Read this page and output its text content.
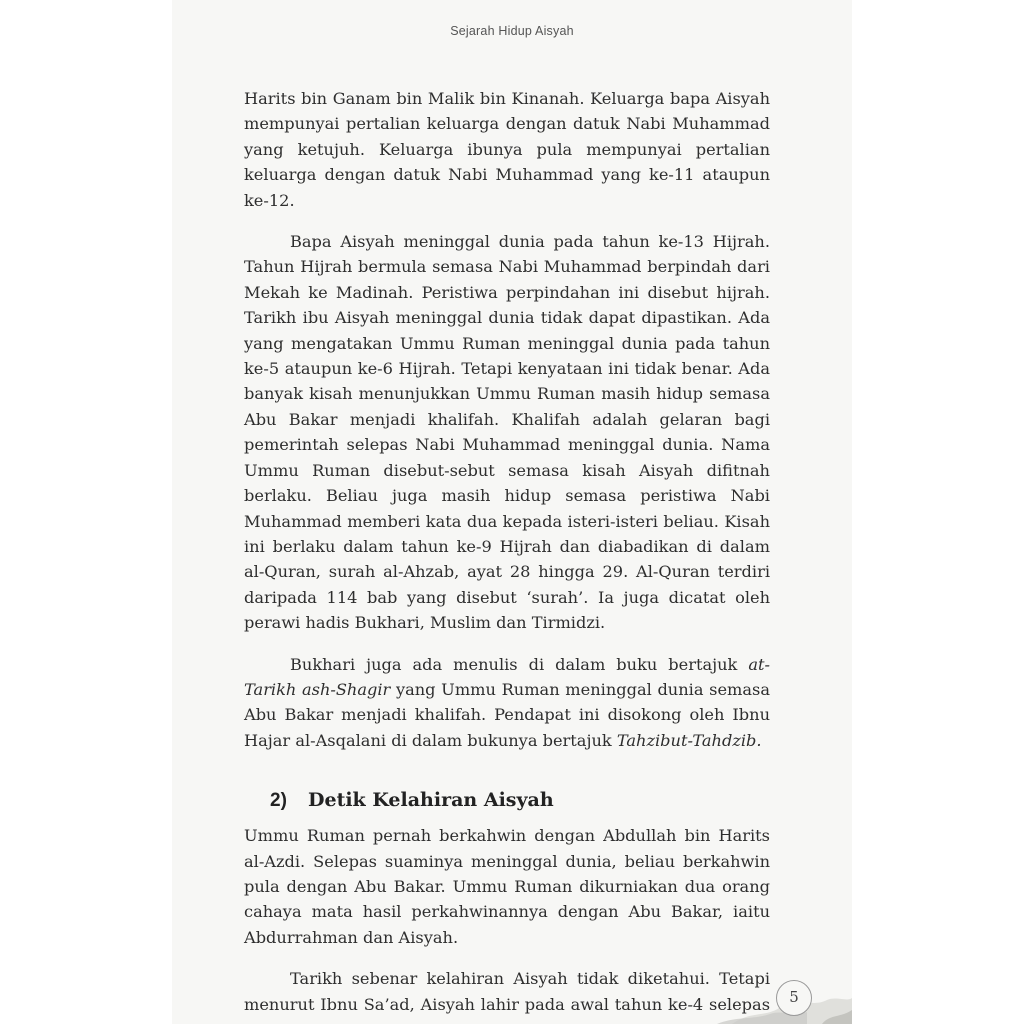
Sejarah Hidup Aisyah

Harits bin Ganam bin Malik bin Kinanah. Keluarga bapa Aisyah mempunyai pertalian keluarga dengan datuk Nabi Muhammad yang ketujuh. Keluarga ibunya pula mempunyai pertalian keluarga dengan datuk Nabi Muhammad yang ke-11 ataupun ke-12.

Bapa Aisyah meninggal dunia pada tahun ke-13 Hijrah. Tahun Hijrah bermula semasa Nabi Muhammad berpindah dari Mekah ke Madinah. Peristiwa perpindahan ini disebut hijrah. Tarikh ibu Aisyah meninggal dunia tidak dapat dipastikan. Ada yang mengatakan Ummu Ruman meninggal dunia pada tahun ke-5 ataupun ke-6 Hijrah. Tetapi kenyataan ini tidak benar. Ada banyak kisah menunjukkan Ummu Ruman masih hidup semasa Abu Bakar menjadi khalifah. Khalifah adalah gelaran bagi pemerintah selepas Nabi Muhammad meninggal dunia. Nama Ummu Ruman disebut-sebut semasa kisah Aisyah difitnah berlaku. Beliau juga masih hidup semasa peristiwa Nabi Muhammad memberi kata dua kepada isteri-isteri beliau. Kisah ini berlaku dalam tahun ke-9 Hijrah dan diabadikan di dalam al-Quran, surah al-Ahzab, ayat 28 hingga 29. Al-Quran terdiri daripada 114 bab yang disebut ‘surah’. Ia juga dicatat oleh perawi hadis Bukhari, Muslim dan Tirmidzi.

Bukhari juga ada menulis di dalam buku bertajuk at-Tarikh ash-Shagir yang Ummu Ruman meninggal dunia semasa Abu Bakar menjadi khalifah. Pendapat ini disokong oleh Ibnu Hajar al-Asqalani di dalam bukunya bertajuk Tahzibut-Tahdzib.

2) Detik Kelahiran Aisyah

Ummu Ruman pernah berkahwin dengan Abdullah bin Harits al-Azdi. Selepas suaminya meninggal dunia, beliau berkahwin pula dengan Abu Bakar. Ummu Ruman dikurniakan dua orang cahaya mata hasil perkahwinannya dengan Abu Bakar, iaitu Abdurrahman dan Aisyah.

Tarikh sebenar kelahiran Aisyah tidak diketahui. Tetapi menurut Ibnu Sa’ad, Aisyah lahir pada awal tahun ke-4 selepas	5
